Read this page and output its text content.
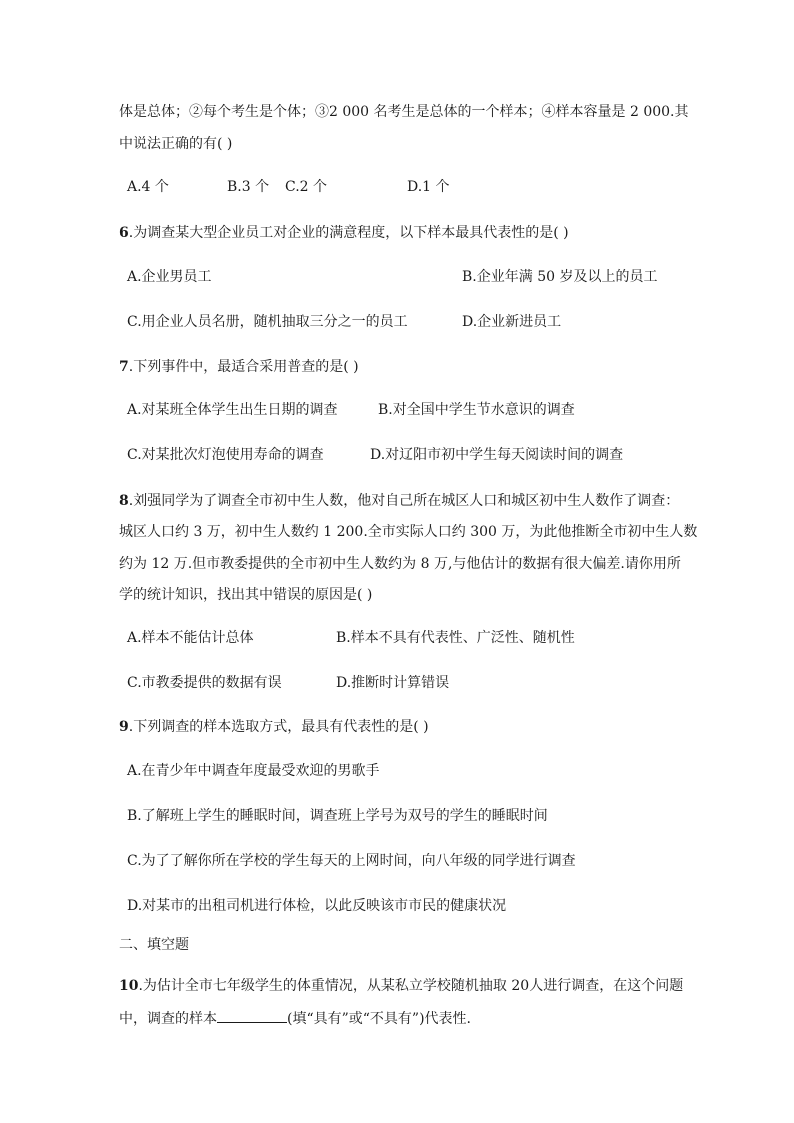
体是总体；②每个考生是个体；③2 000 名考生是总体的一个样本；④样本容量是 2 000.其
中说法正确的有( )
A.4 个	B.3 个 C.2 个	D.1 个
6.为调查某大型企业员工对企业的满意程度，以下样本最具代表性的是( )
A.企业男员工	B.企业年满 50 岁及以上的员工
C.用企业人员名册，随机抽取三分之一的员工	D.企业新进员工
7.下列事件中，最适合采用普查的是( )
A.对某班全体学生出生日期的调查	B.对全国中学生节水意识的调查
C.对某批次灯泡使用寿命的调查	D.对辽阳市初中学生每天阅读时间的调查
8.刘强同学为了调查全市初中生人数，他对自己所在城区人口和城区初中生人数作了调查：
城区人口约 3 万，初中生人数约 1 200.全市实际人口约 300 万，为此他推断全市初中生人数
约为 12 万.但市教委提供的全市初中生人数约为 8 万,与他估计的数据有很大偏差.请你用所
学的统计知识，找出其中错误的原因是( )
A.样本不能估计总体	B.样本不具有代表性、广泛性、随机性
C.市教委提供的数据有误	D.推断时计算错误
9.下列调查的样本选取方式，最具有代表性的是( )
A.在青少年中调查年度最受欢迎的男歌手
B.了解班上学生的睡眠时间，调查班上学号为双号的学生的睡眠时间
C.为了了解你所在学校的学生每天的上网时间，向八年级的同学进行调查
D.对某市的出租司机进行体检，以此反映该市市民的健康状况
二、填空题
10.为估计全市七年级学生的体重情况，从某私立学校随机抽取 20人进行调查，在这个问题
中，调查的样本	(填“具有”或“不具有”)代表性.
